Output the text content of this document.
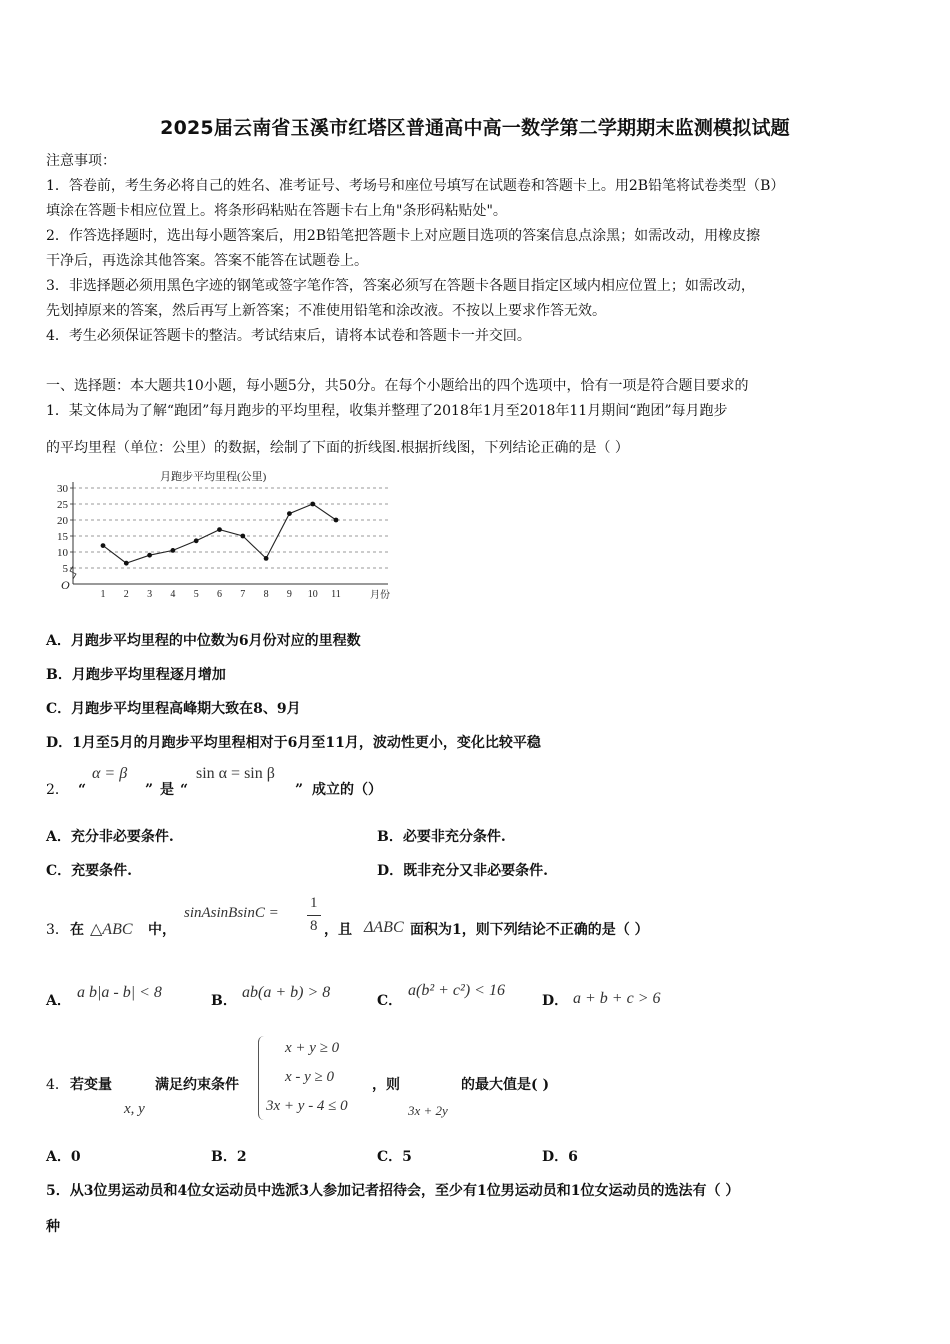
2025届云南省玉溪市红塔区普通高中高一数学第二学期期末监测模拟试题
注意事项：
1．答卷前，考生务必将自己的姓名、准考证号、考场号和座位号填写在试题卷和答题卡上。用2B铅笔将试卷类型（B）
填涂在答题卡相应位置上。将条形码粘贴在答题卡右上角"条形码粘贴处"。
2．作答选择题时，选出每小题答案后，用2B铅笔把答题卡上对应题目选项的答案信息点涂黑；如需改动，用橡皮擦
干净后，再选涂其他答案。答案不能答在试题卷上。
3．非选择题必须用黑色字迹的钢笔或签字笔作答，答案必须写在答题卡各题目指定区域内相应位置上；如需改动，
先划掉原来的答案，然后再写上新答案；不准使用铅笔和涂改液。不按以上要求作答无效。
4．考生必须保证答题卡的整洁。考试结束后，请将本试卷和答题卡一并交回。
一、选择题：本大题共10小题，每小题5分，共50分。在每个小题给出的四个选项中，恰有一项是符合题目要求的
1．某文体局为了解“跑团”每月跑步的平均里程，收集并整理了2018年1月至2018年11月期间“跑团”每月跑步
的平均里程（单位：公里）的数据，绘制了下面的折线图.根据折线图，下列结论正确的是（ ）
月跑步平均里程(公里)
5
10
15
20
25
30
O
1 2 3 4 5 6 7 8 9 10 11	月份
A．月跑步平均里程的中位数为6月份对应的里程数
B．月跑步平均里程逐月增加
C．月跑步平均里程高峰期大致在8、9月
D．1月至5月的月跑步平均里程相对于6月至11月，波动性更小，变化比较平稳
2． “
α = β
” 是 “
sin α = sin β
” 成立的（）
A．充分非必要条件.	B．必要非充分条件.
C．充要条件.	D．既非充分又非必要条件.
3． 在 △ABC 中，
sinAsinBsinC =
1
8 ，且 ΔABC 面积为1，则下列结论不正确的是（ ）
A． a b|a - b| < 8	B． ab(a + b) > 8	C．
a(b² + c²) < 16
D． a + b + c > 6
4． 若变量
x, y
满足约束条件
x + y ≥ 0
x - y ≥ 0
3x + y - 4 ≤ 0
，则
3x + 2y
的最大值是( )
A．0	B．2	C．5	D．6
5．从3位男运动员和4位女运动员中选派3人参加记者招待会，至少有1位男运动员和1位女运动员的选法有（ ）
种
